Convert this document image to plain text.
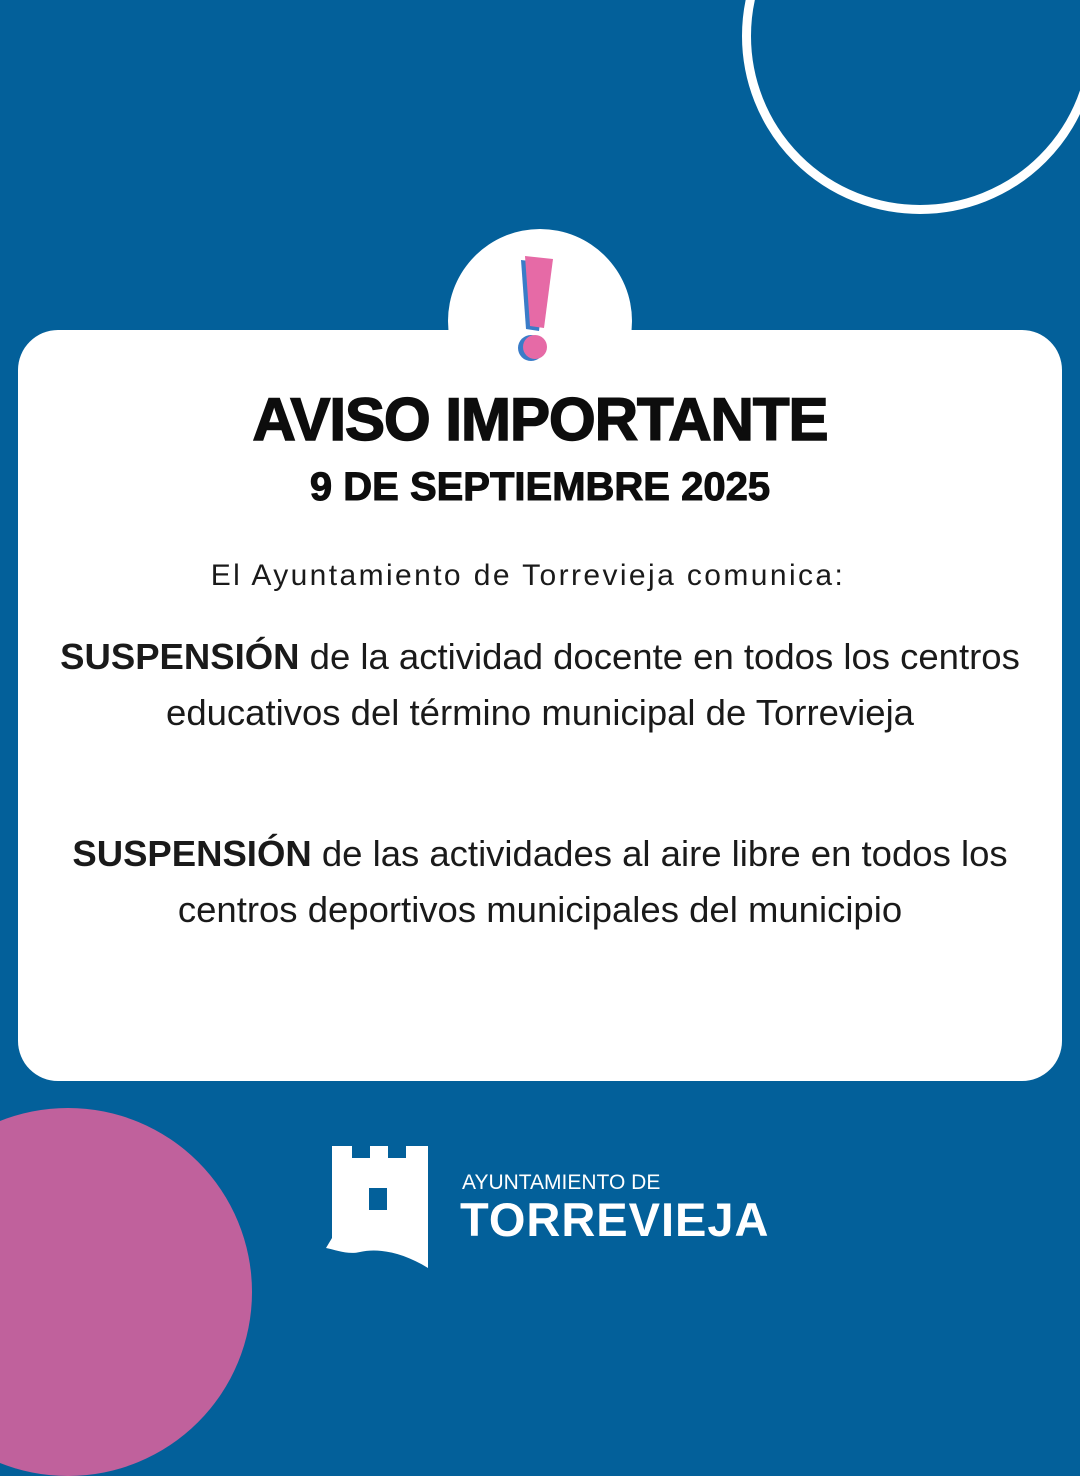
AVISO IMPORTANTE
9 DE SEPTIEMBRE 2025
El Ayuntamiento de Torrevieja comunica:
SUSPENSIÓN de la actividad docente en todos los centros educativos del término municipal de Torrevieja
SUSPENSIÓN de las actividades al aire libre en todos los centros deportivos municipales del municipio
AYUNTAMIENTO DE
TORREVIEJA
